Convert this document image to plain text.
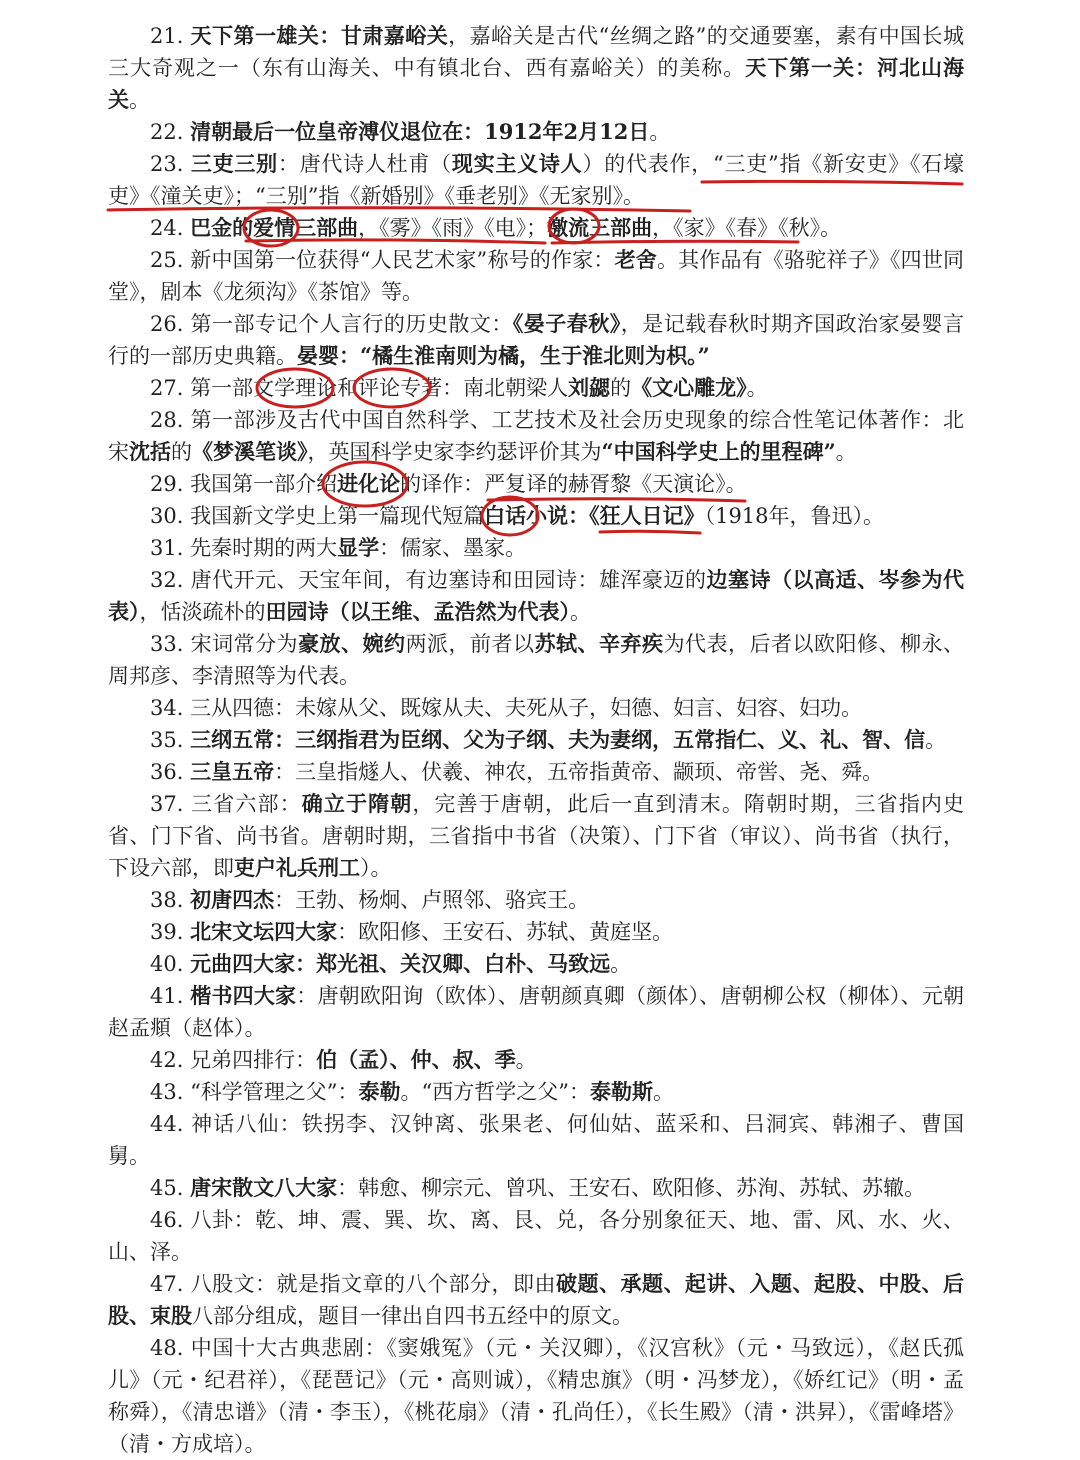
21. 天下第一雄关：甘肃嘉峪关，嘉峪关是古代“丝绸之路”的交通要塞，素有中国长城三大奇观之一（东有山海关、中有镇北台、西有嘉峪关）的美称。天下第一关：河北山海关。

22. 清朝最后一位皇帝溥仪退位在：1912年2月12日。

23. 三吏三别：唐代诗人杜甫（现实主义诗人）的代表作，“三吏”指《新安吏》《石壕吏》《潼关吏》；“三别”指《新婚别》《垂老别》《无家别》。

24. 巴金的爱情三部曲，《雾》《雨》《电》；激流三部曲，《家》《春》《秋》。

25. 新中国第一位获得“人民艺术家”称号的作家：老舍。其作品有《骆驼祥子》《四世同堂》，剧本《龙须沟》《茶馆》等。

26. 第一部专记个人言行的历史散文：《晏子春秋》，是记载春秋时期齐国政治家晏婴言行的一部历史典籍。晏婴：“橘生淮南则为橘，生于淮北则为枳。”

27. 第一部文学理论和评论专著：南北朝梁人刘勰的《文心雕龙》。

28. 第一部涉及古代中国自然科学、工艺技术及社会历史现象的综合性笔记体著作：北宋沈括的《梦溪笔谈》，英国科学史家李约瑟评价其为“中国科学史上的里程碑”。

29. 我国第一部介绍进化论的译作：严复译的赫胥黎《天演论》。

30. 我国新文学史上第一篇现代短篇白话小说：《狂人日记》（1918年，鲁迅）。

31. 先秦时期的两大显学：儒家、墨家。

32. 唐代开元、天宝年间，有边塞诗和田园诗：雄浑豪迈的边塞诗（以高适、岑参为代表），恬淡疏朴的田园诗（以王维、孟浩然为代表）。

33. 宋词常分为豪放、婉约两派，前者以苏轼、辛弃疾为代表，后者以欧阳修、柳永、周邦彦、李清照等为代表。

34. 三从四德：未嫁从父、既嫁从夫、夫死从子，妇德、妇言、妇容、妇功。

35. 三纲五常：三纲指君为臣纲、父为子纲、夫为妻纲，五常指仁、义、礼、智、信。

36. 三皇五帝：三皇指燧人、伏羲、神农，五帝指黄帝、颛顼、帝喾、尧、舜。

37. 三省六部：确立于隋朝，完善于唐朝，此后一直到清末。隋朝时期，三省指内史省、门下省、尚书省。唐朝时期，三省指中书省（决策）、门下省（审议）、尚书省（执行，下设六部，即吏户礼兵刑工）。

38. 初唐四杰：王勃、杨炯、卢照邻、骆宾王。

39. 北宋文坛四大家：欧阳修、王安石、苏轼、黄庭坚。

40. 元曲四大家：郑光祖、关汉卿、白朴、马致远。

41. 楷书四大家：唐朝欧阳询（欧体）、唐朝颜真卿（颜体）、唐朝柳公权（柳体）、元朝赵孟頫（赵体）。

42. 兄弟四排行：伯（孟）、仲、叔、季。

43. “科学管理之父”：泰勒。“西方哲学之父”：泰勒斯。

44. 神话八仙：铁拐李、汉钟离、张果老、何仙姑、蓝采和、吕洞宾、韩湘子、曹国舅。

45. 唐宋散文八大家：韩愈、柳宗元、曾巩、王安石、欧阳修、苏洵、苏轼、苏辙。

46. 八卦：乾、坤、震、巽、坎、离、艮、兑，各分别象征天、地、雷、风、水、火、山、泽。

47. 八股文：就是指文章的八个部分，即由破题、承题、起讲、入题、起股、中股、后股、束股八部分组成，题目一律出自四书五经中的原文。

48. 中国十大古典悲剧：《窦娥冤》（元・关汉卿），《汉宫秋》（元・马致远），《赵氏孤儿》（元・纪君祥），《琵琶记》（元・高则诚），《精忠旗》（明・冯梦龙），《娇红记》（明・孟称舜），《清忠谱》（清・李玉），《桃花扇》（清・孔尚任），《长生殿》（清・洪昇），《雷峰塔》（清・方成培）。
